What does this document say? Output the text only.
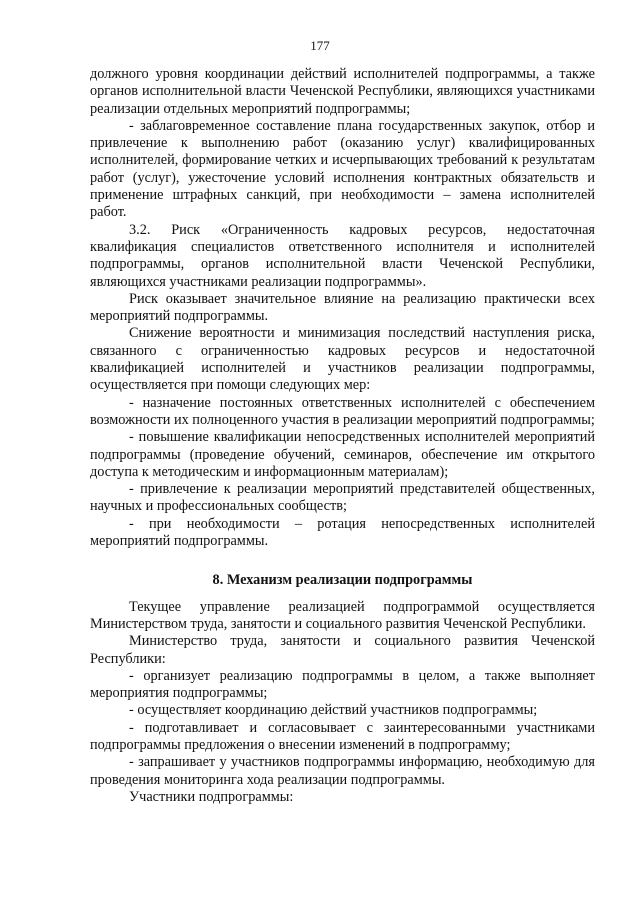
177

должного уровня координации действий исполнителей подпрограммы, а также органов исполнительной власти Чеченской Республики, являющихся участниками реализации отдельных мероприятий подпрограммы;

- заблаговременное составление плана государственных закупок, отбор и привлечение к выполнению работ (оказанию услуг) квалифицированных исполнителей, формирование четких и исчерпывающих требований к результатам работ (услуг), ужесточение условий исполнения контрактных обязательств и применение штрафных санкций, при необходимости – замена исполнителей работ.

3.2. Риск «Ограниченность кадровых ресурсов, недостаточная квалификация специалистов ответственного исполнителя и исполнителей подпрограммы, органов исполнительной власти Чеченской Республики, являющихся участниками реализации подпрограммы».

Риск оказывает значительное влияние на реализацию практически всех мероприятий подпрограммы.

Снижение вероятности и минимизация последствий наступления риска, связанного с ограниченностью кадровых ресурсов и недостаточной квалификацией исполнителей и участников реализации подпрограммы, осуществляется при помощи следующих мер:

- назначение постоянных ответственных исполнителей с обеспечением возможности их полноценного участия в реализации мероприятий подпрограммы;

- повышение квалификации непосредственных исполнителей мероприятий подпрограммы (проведение обучений, семинаров, обеспечение им открытого доступа к методическим и информационным материалам);

- привлечение к реализации мероприятий представителей общественных, научных и профессиональных сообществ;

- при необходимости – ротация непосредственных исполнителей мероприятий подпрограммы.

8. Механизм реализации подпрограммы

Текущее управление реализацией подпрограммой осуществляется Министерством труда, занятости и социального развития Чеченской Республики.

Министерство труда, занятости и социального развития Чеченской Республики:

- организует реализацию подпрограммы в целом, а также выполняет мероприятия подпрограммы;

- осуществляет координацию действий участников подпрограммы;

- подготавливает и согласовывает с заинтересованными участниками подпрограммы предложения о внесении изменений в подпрограмму;

- запрашивает у участников подпрограммы информацию, необходимую для проведения мониторинга хода реализации подпрограммы.

Участники подпрограммы:
